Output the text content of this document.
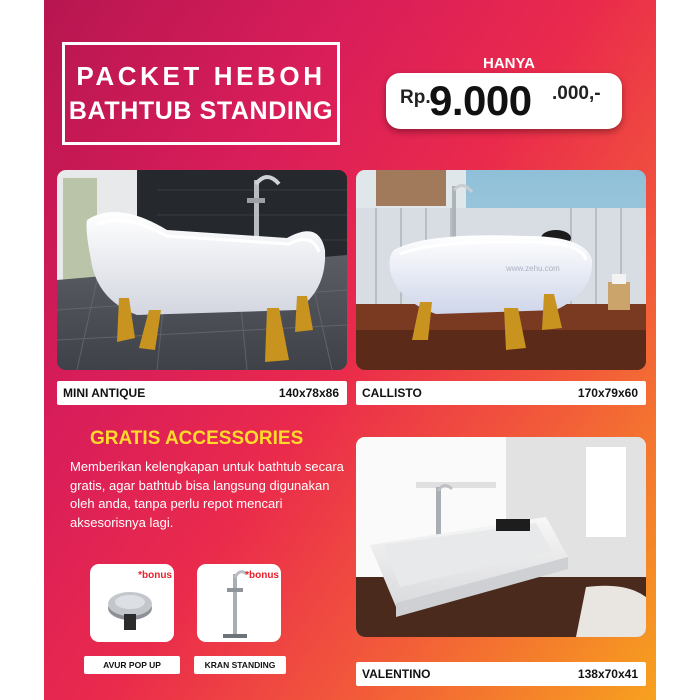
PACKET HEBOH
BATHTUB STANDING
HANYA
Rp.
9.000 .000,-
MINI ANTIQUE	140x78x86
www.zehu.com
CALLISTO	170x79x60
GRATIS ACCESSORIES
Memberikan kelengkapan untuk bathtub secara gratis, agar bathtub bisa langsung digunakan oleh anda, tanpa perlu repot mencari aksesorisnya lagi.
*bonus
AVUR POP UP
*bonus
KRAN STANDING
VALENTINO	138x70x41
